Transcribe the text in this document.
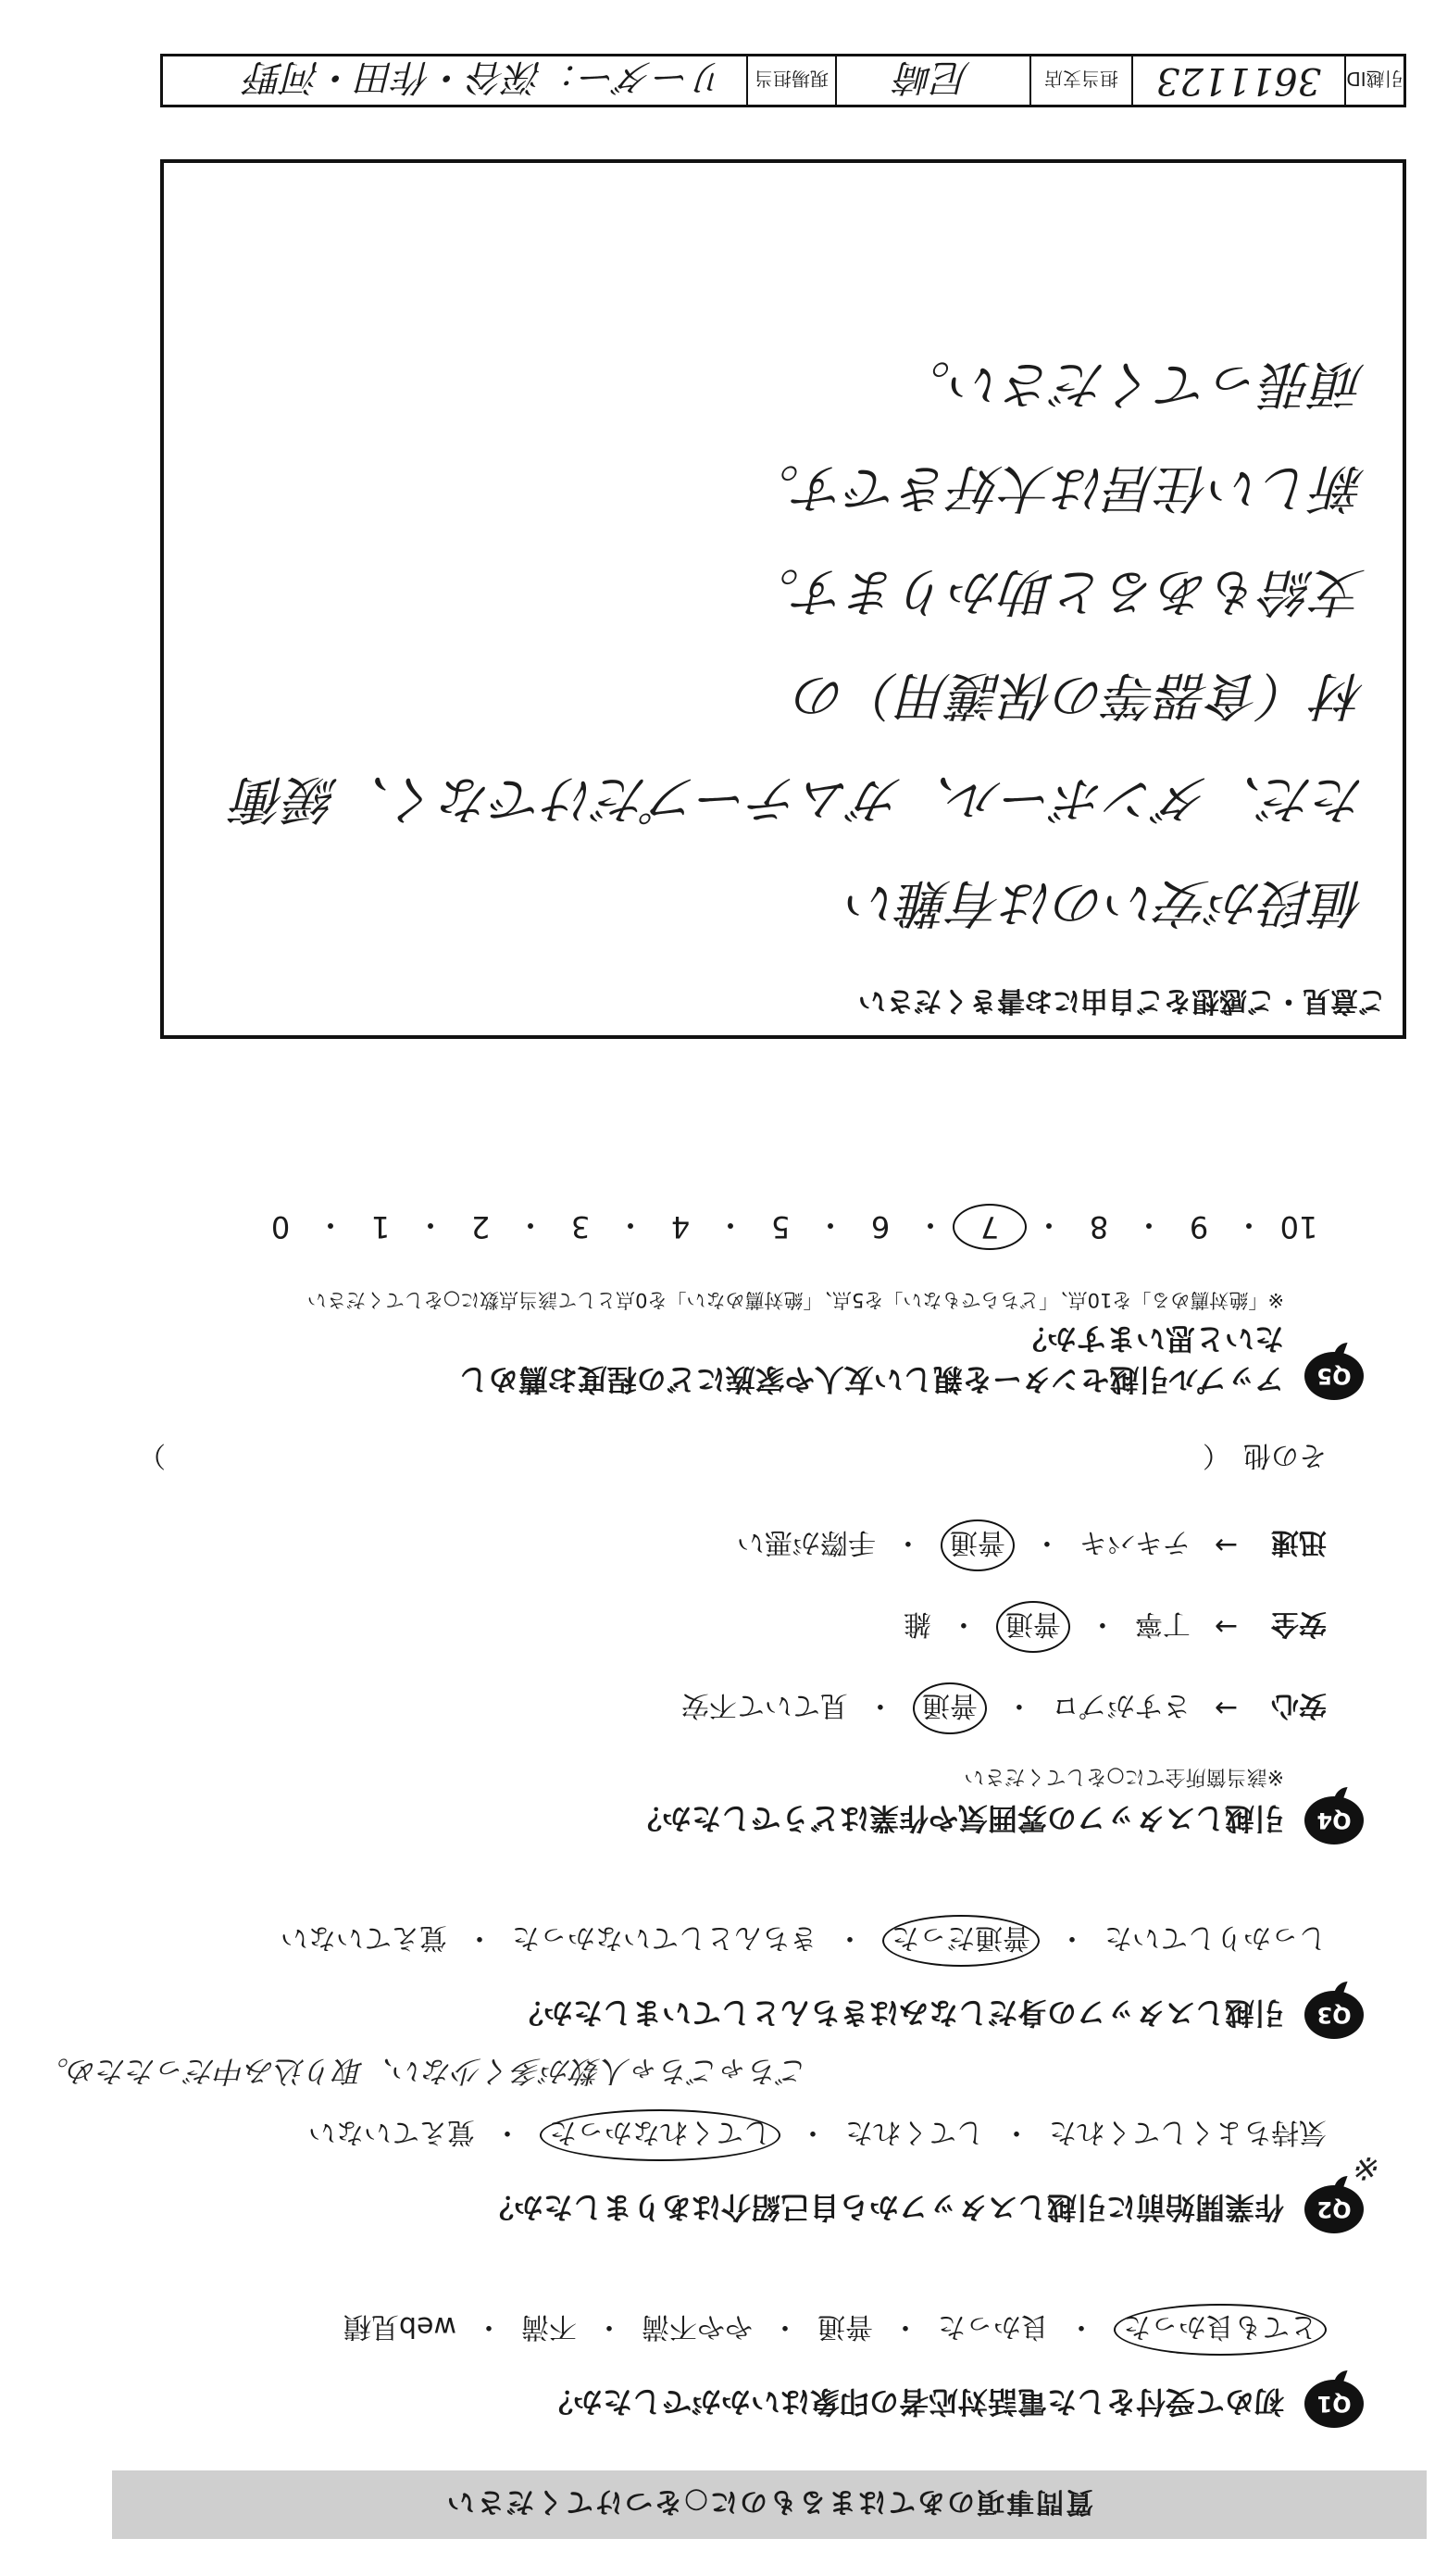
質問事項のあてはまるものに○をつけてください
Q1
初めて受付をした電話対応者の印象はいかがでしたか？
とても良かった
・
良かった
・
普通
・
やや不満
・
不満
・
web見積
Q2
作業開始前に引越しスタッフから自己紹介はありましたか？
気持ちよくしてくれた
・
してくれた
・
してくれなかった
※
・
覚えていない
ごちゃごちゃ人数が多く少ない、取り込み中だったため。
Q3
引越しスタッフの身だしなみはきちんとしていましたか？
しっかりしていた
・
普通だった
・
きちんとしていなかった
・
覚えていない
Q4
引越しスタッフの雰囲気や作業はどうでしたか？
※該当箇所全てに○をしてください
安心
→
さすがプロ
・
普通
・
見ていて不安
安全
→
丁寧
・
普通
・
雑
迅速
→
テキパキ
・
普通
・
手際が悪い
その他
（
）
Q5
アップル引越センターを親しい友人や家族にどの程度お薦めしたいと思いますか？
※「絶対薦める」を10点、「どちらでもない」を5点、「絶対薦めない」を0点として該当点数に○をしてください
10
・
9
・
8
・
7
・
6
・
5
・
4
・
3
・
2
・
1
・
0
ご意見・ご感想をご自由にお書きください
値段が安いのは有難い
ただ、ダンボール、ガムテープだけでなく、緩衝材（食器等の保護用）の
支給もあると助かります。
新しい住居は大好きです。
頑張ってください。
引越ID
3611123
担当支店
尼崎
現場担当
リーダー：深谷・作田・河野
